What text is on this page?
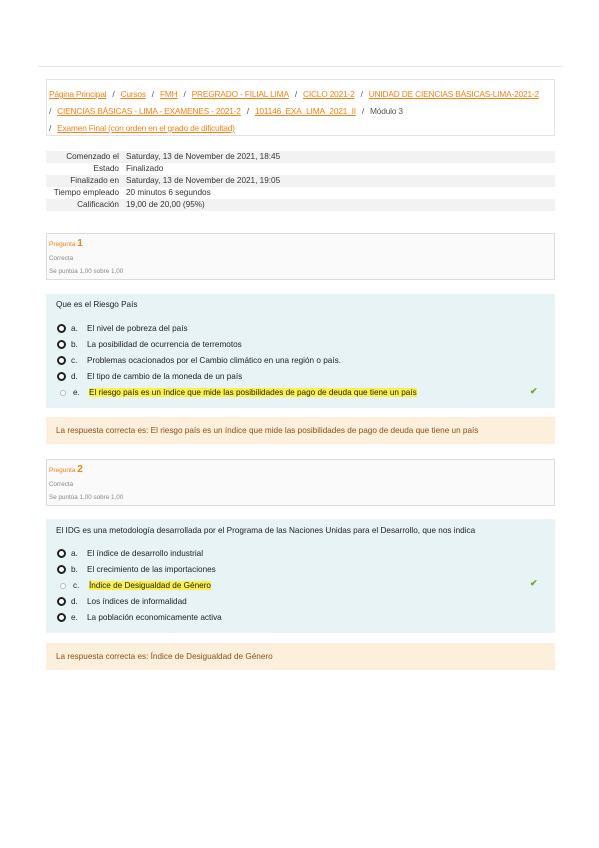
Página Principal / Cursos / FMH / PREGRADO - FILIAL LIMA / CICLO 2021-2 / UNIDAD DE CIENCIAS BÁSICAS-LIMA-2021-2
/ CIENCIAS BÁSICAS - LIMA - EXAMENES - 2021-2 / 101146_EXA_LIMA_2021_II / Módulo 3
/ Examen Final (con orden en el grado de dificultad)
Comenzado el Saturday, 13 de November de 2021, 18:45
Estado Finalizado
Finalizado en Saturday, 13 de November de 2021, 19:05
Tiempo empleado 20 minutos 6 segundos
Calificación 19,00 de 20,00 (95%)
Pregunta 1
Correcta
Se puntúa 1,00 sobre 1,00
Que es el Riesgo País
a.	El nivel de pobreza del país
b.	La posibilidad de ocurrencia de terremotos
c.	Problemas ocacionados por el Cambio climático en una región o país.
d.	El tipo de cambio de la moneda de un país
e.	El riesgo país es un índice que mide las posibilidades de pago de deuda que tiene un país	✔
La respuesta correcta es: El riesgo país es un índice que mide las posibilidades de pago de deuda que tiene un país
Pregunta 2
Correcta
Se puntúa 1,00 sobre 1,00
El IDG es una metodología desarrollada por el Programa de las Naciones Unidas para el Desarrollo, que nos indica
a.	El índice de desarrollo industrial
b.	El crecimiento de las importaciones
c.	Índice de Desigualdad de Género
d.	Los índices de informalidad
e.	La población economicamente activa
✔
La respuesta correcta es: Índice de Desigualdad de Género
